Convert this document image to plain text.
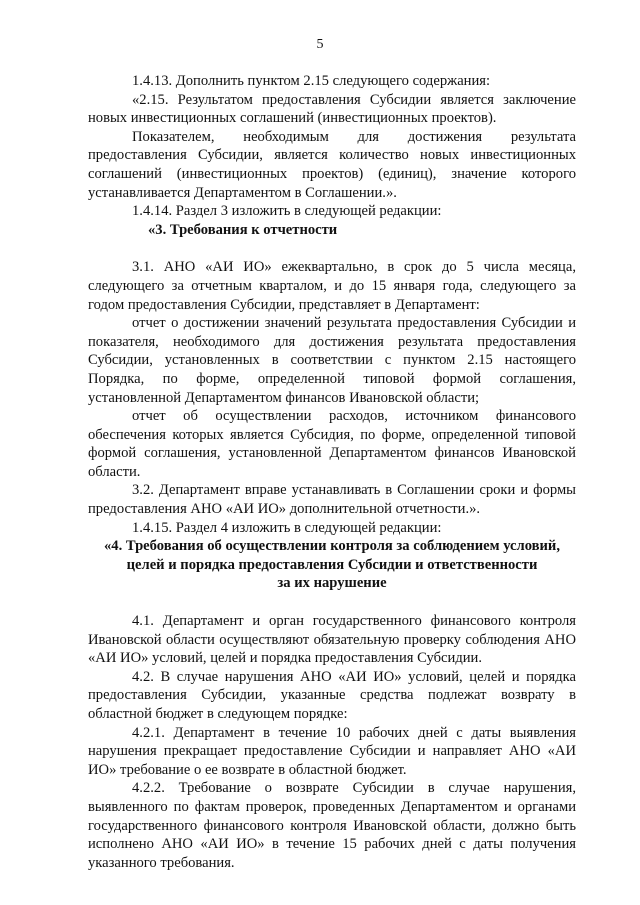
5

1.4.13. Дополнить пунктом 2.15 следующего содержания:

«2.15. Результатом предоставления Субсидии является заключение новых инвестиционных соглашений (инвестиционных проектов).

Показателем, необходимым для достижения результата предоставления Субсидии, является количество новых инвестиционных соглашений (инвестиционных проектов) (единиц), значение которого устанавливается Департаментом в Соглашении.».

1.4.14. Раздел 3 изложить в следующей редакции:

«3. Требования к отчетности

3.1. АНО «АИ ИО» ежеквартально, в срок до 5 числа месяца, следующего за отчетным кварталом, и до 15 января года, следующего за годом предоставления Субсидии, представляет в Департамент:

отчет о достижении значений результата предоставления Субсидии и показателя, необходимого для достижения результата предоставления Субсидии, установленных в соответствии с пунктом 2.15 настоящего Порядка, по форме, определенной типовой формой соглашения, установленной Департаментом финансов Ивановской области;

отчет об осуществлении расходов, источником финансового обеспечения которых является Субсидия, по форме, определенной типовой формой соглашения, установленной Департаментом финансов Ивановской области.

3.2. Департамент вправе устанавливать в Соглашении сроки и формы предоставления АНО «АИ ИО» дополнительной отчетности.».

1.4.15. Раздел 4 изложить в следующей редакции:

«4. Требования об осуществлении контроля за соблюдением условий,
целей и порядка предоставления Субсидии и ответственности
за их нарушение

4.1. Департамент и орган государственного финансового контроля Ивановской области осуществляют обязательную проверку соблюдения АНО «АИ ИО» условий, целей и порядка предоставления Субсидии.

4.2. В случае нарушения АНО «АИ ИО» условий, целей и порядка предоставления Субсидии, указанные средства подлежат возврату в областной бюджет в следующем порядке:

4.2.1. Департамент в течение 10 рабочих дней с даты выявления нарушения прекращает предоставление Субсидии и направляет АНО «АИ ИО» требование о ее возврате в областной бюджет.

4.2.2. Требование о возврате Субсидии в случае нарушения, выявленного по фактам проверок, проведенных Департаментом и органами государственного финансового контроля Ивановской области, должно быть исполнено АНО «АИ ИО» в течение 15 рабочих дней с даты получения указанного требования.
